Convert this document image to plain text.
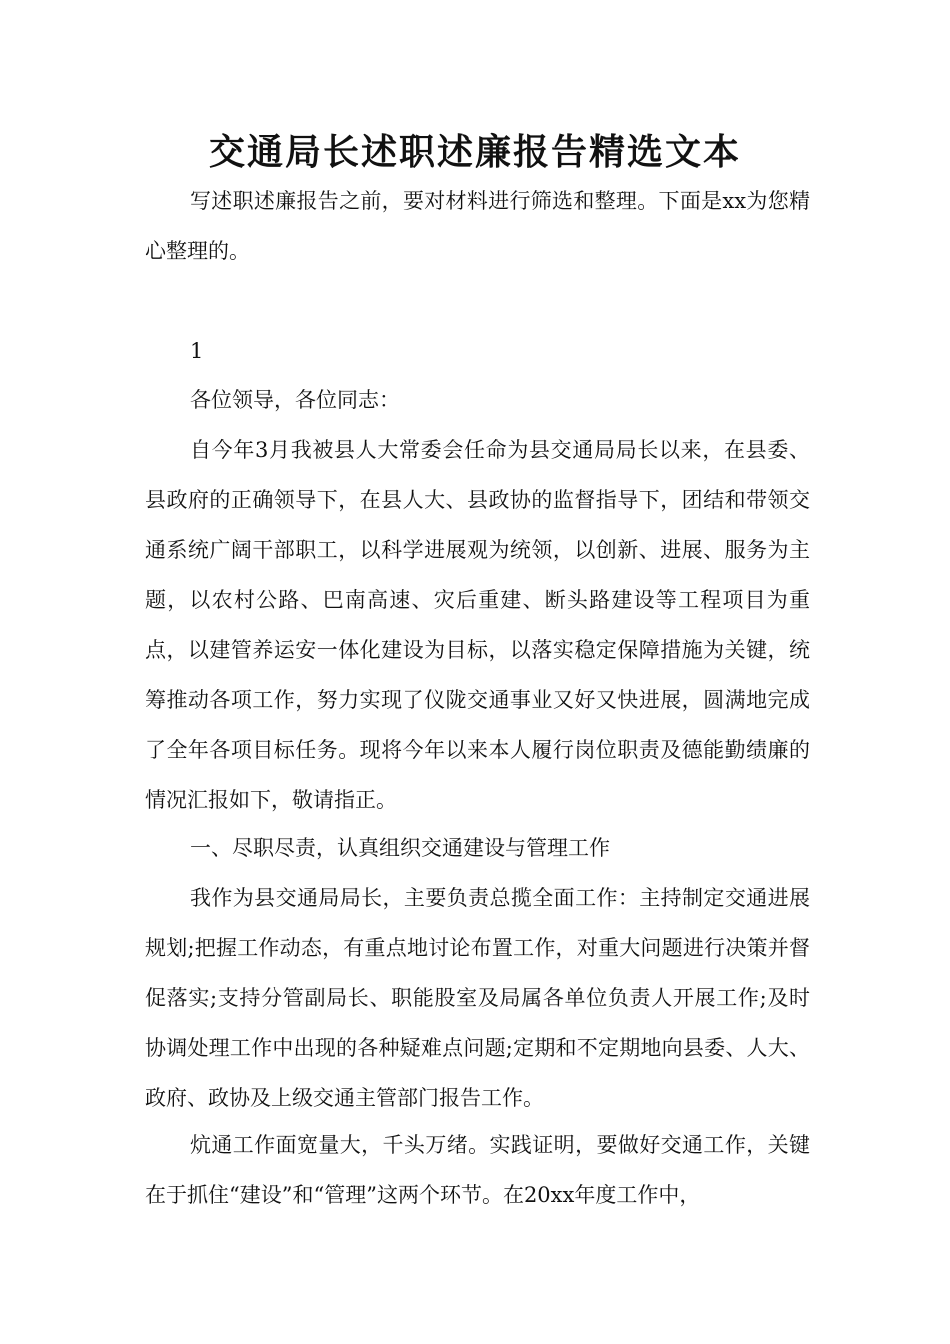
交通局长述职述廉报告精选文本

写述职述廉报告之前，要对材料进行筛选和整理。下面是xx为您精心整理的。

1

各位领导，各位同志：

自今年3月我被县人大常委会任命为县交通局局长以来，在县委、县政府的正确领导下，在县人大、县政协的监督指导下，团结和带领交通系统广阔干部职工，以科学进展观为统领，以创新、进展、服务为主题，以农村公路、巴南高速、灾后重建、断头路建设等工程项目为重点，以建管养运安一体化建设为目标，以落实稳定保障措施为关键，统筹推动各项工作，努力实现了仪陇交通事业又好又快进展，圆满地完成了全年各项目标任务。现将今年以来本人履行岗位职责及德能勤绩廉的情况汇报如下，敬请指正。

一、尽职尽责，认真组织交通建设与管理工作

我作为县交通局局长，主要负责总揽全面工作：主持制定交通进展规划;把握工作动态，有重点地讨论布置工作，对重大问题进行决策并督促落实;支持分管副局长、职能股室及局属各单位负责人开展工作;及时协调处理工作中出现的各种疑难点问题;定期和不定期地向县委、人大、政府、政协及上级交通主管部门报告工作。

炕通工作面宽量大，千头万绪。实践证明，要做好交通工作，关键在于抓住“建设”和“管理”这两个环节。在20xx年度工作中，
